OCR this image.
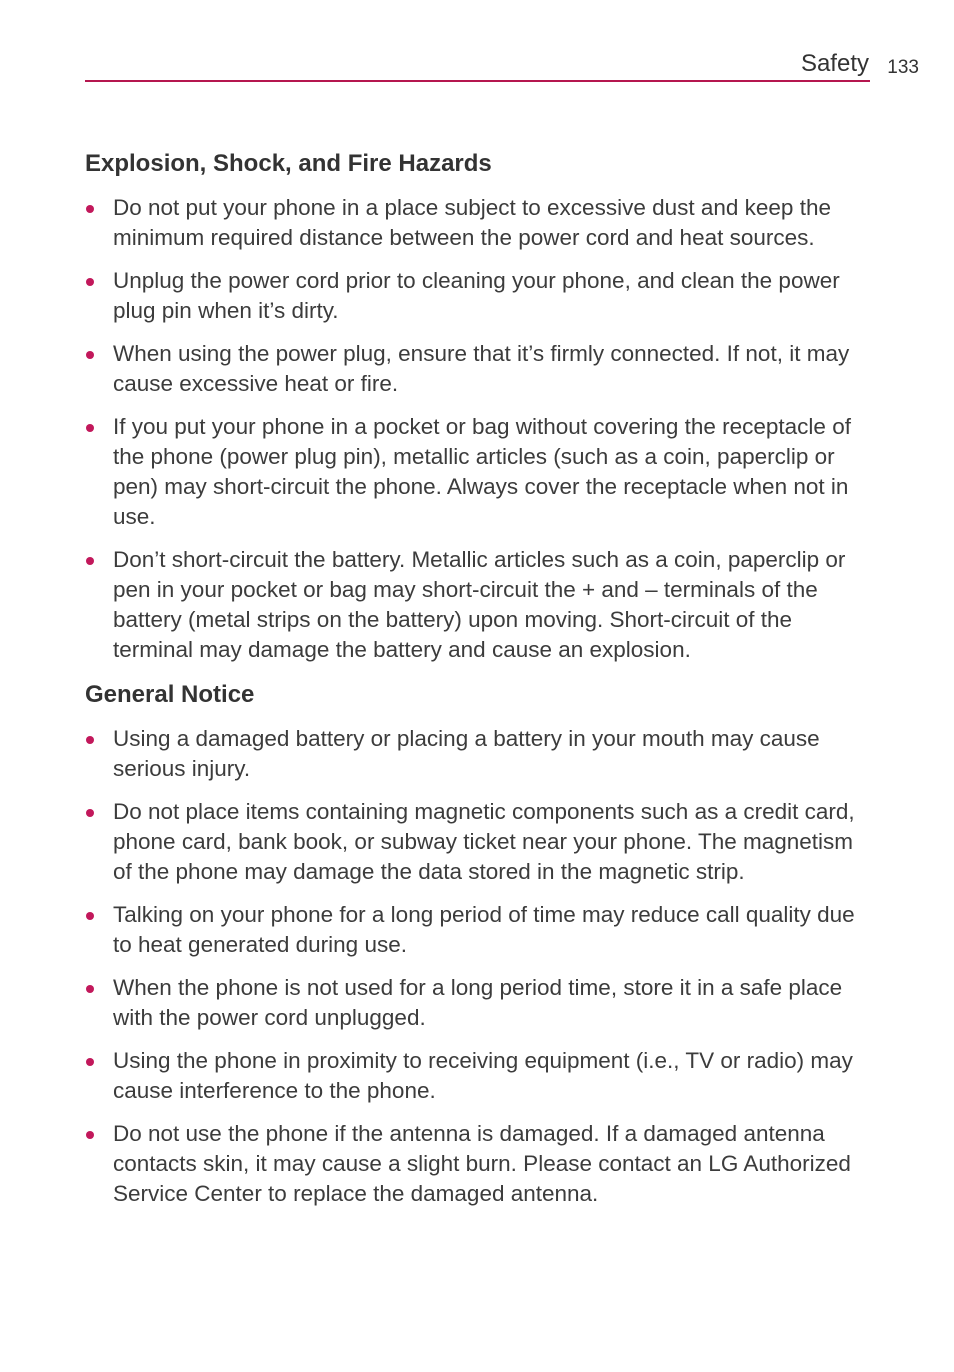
Safety 133
Explosion, Shock, and Fire Hazards
Do not put your phone in a place subject to excessive dust and keep the minimum required distance between the power cord and heat sources.
Unplug the power cord prior to cleaning your phone, and clean the power plug pin when it’s dirty.
When using the power plug, ensure that it’s firmly connected. If not, it may cause excessive heat or fire.
If you put your phone in a pocket or bag without covering the receptacle of the phone (power plug pin), metallic articles (such as a coin, paperclip or pen) may short-circuit the phone. Always cover the receptacle when not in use.
Don’t short-circuit the battery. Metallic articles such as a coin, paperclip or pen in your pocket or bag may short-circuit the + and – terminals of the battery (metal strips on the battery) upon moving. Short-circuit of the terminal may damage the battery and cause an explosion.
General Notice
Using a damaged battery or placing a battery in your mouth may cause serious injury.
Do not place items containing magnetic components such as a credit card, phone card, bank book, or subway ticket near your phone. The magnetism of the phone may damage the data stored in the magnetic strip.
Talking on your phone for a long period of time may reduce call quality due to heat generated during use.
When the phone is not used for a long period time, store it in a safe place with the power cord unplugged.
Using the phone in proximity to receiving equipment (i.e., TV or radio) may cause interference to the phone.
Do not use the phone if the antenna is damaged. If a damaged antenna contacts skin, it may cause a slight burn. Please contact an LG Authorized Service Center to replace the damaged antenna.
